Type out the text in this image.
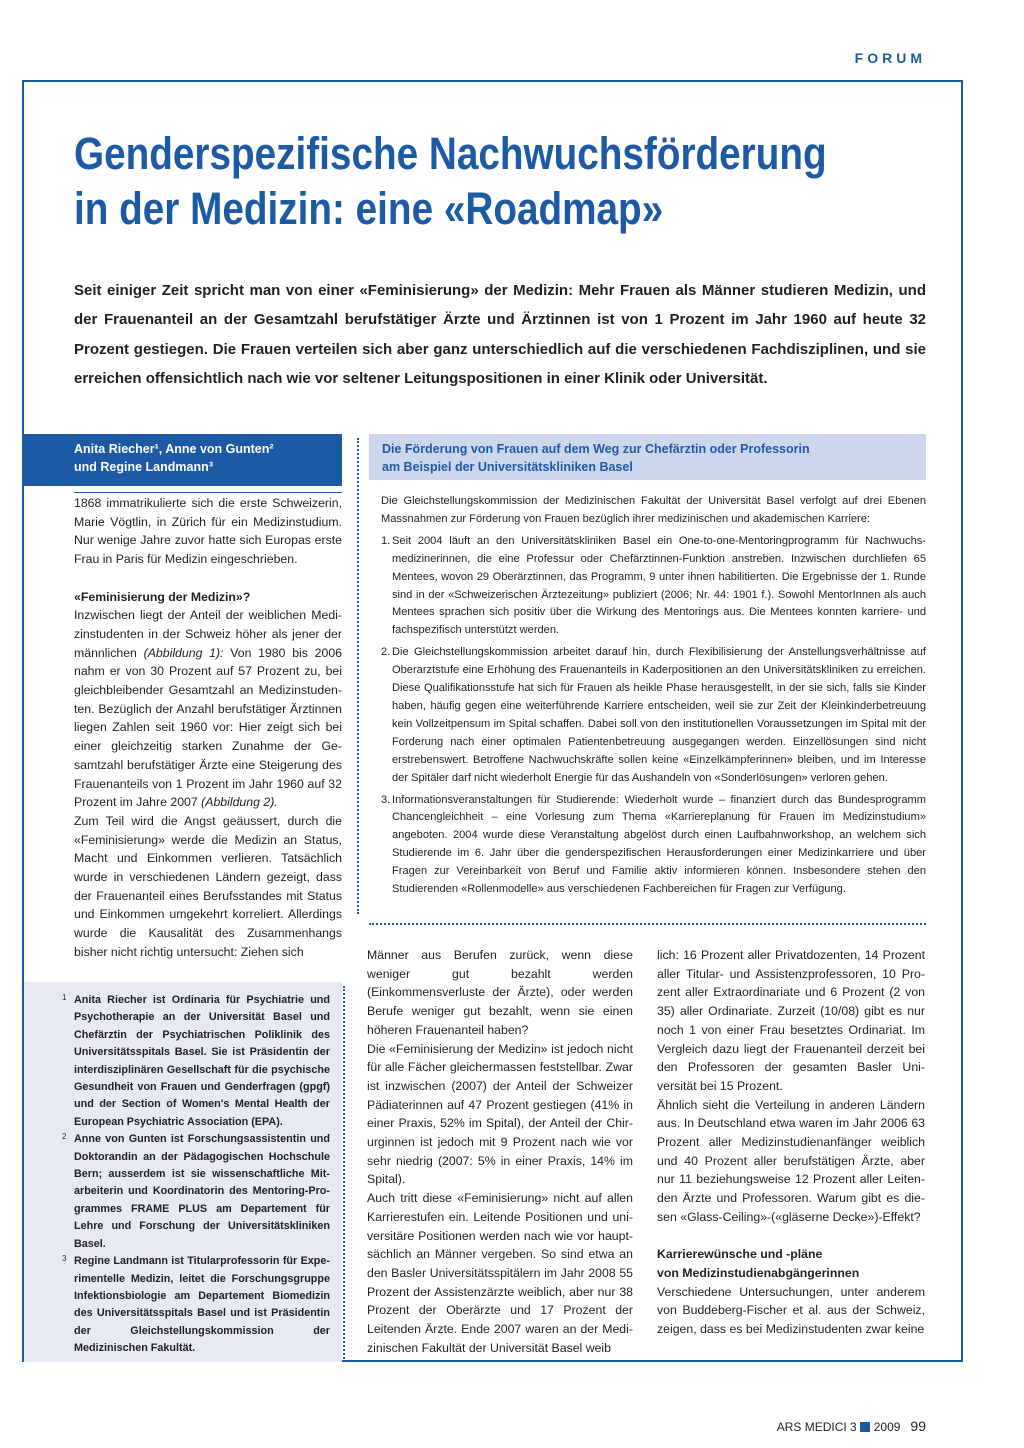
FORUM
Genderspezifische Nachwuchsförderung
in der Medizin: eine «Roadmap»

Seit einiger Zeit spricht man von einer «Feminisierung» der Medizin: Mehr Frauen als Männer studieren Medizin, und der Frauenanteil an der Gesamtzahl berufstätiger Ärzte und Ärztinnen ist von 1 Prozent im Jahr 1960 auf heute 32 Prozent gestiegen. Die Frauen verteilen sich aber ganz unterschiedlich auf die verschiedenen Fachdisziplinen, und sie erreichen offensichtlich nach wie vor seltener Leitungspositionen in einer Klinik oder Universität.

Anita Riecher¹, Anne von Gunten²
und Regine Landmann³
Die Förderung von Frauen auf dem Weg zur Chefärztin oder Professorin
am Beispiel der Universitätskliniken Basel

1868 immatrikulierte sich die erste Schweizerin, Marie Vögtlin, in Zürich für ein Medizinstudium. Nur wenige Jahre zuvor hatte sich Europas erste Frau in Paris für Medizin eingeschrieben.

«Feminisierung der Medizin»?

Inzwischen liegt der Anteil der weiblichen Medizinstudenten in der Schweiz höher als jener der männlichen (Abbildung 1): Von 1980 bis 2006 nahm er von 30 Prozent auf 57 Prozent zu, bei gleichbleibender Gesamtzahl an Medizinstudenten. Bezüglich der Anzahl berufstätiger Ärztinnen liegen Zahlen seit 1960 vor: Hier zeigt sich bei einer gleichzeitig starken Zunahme der Gesamtzahl berufstätiger Ärzte eine Steigerung des Frauenanteils von 1 Prozent im Jahr 1960 auf 32 Prozent im Jahre 2007 (Abbildung 2).

Zum Teil wird die Angst geäussert, durch die «Feminisierung» werde die Medizin an Status, Macht und Einkommen verlieren. Tatsächlich wurde in verschiedenen Ländern gezeigt, dass der Frauenanteil eines Berufsstandes mit Status und Einkommen umgekehrt korreliert. Allerdings wurde die Kausalität des Zusammenhangs bisher nicht richtig untersucht: Ziehen sich

Die Gleichstellungskommission der Medizinischen Fakultät der Universität Basel verfolgt auf drei Ebenen Massnahmen zur Förderung von Frauen bezüglich ihrer medizinischen und akademischen Karriere:

1. Seit 2004 läuft an den Universitätskliniken Basel ein One-to-one-Mentoringprogramm für Nachwuchsmedizinerinnen, die eine Professur oder Chefärztinnen-Funktion anstreben. Inzwischen durchliefen 65 Mentees, wovon 29 Oberärztinnen, das Programm, 9 unter ihnen habilitierten. Die Ergebnisse der 1. Runde sind in der «Schweizerischen Ärztezeitung» publiziert (2006; Nr. 44: 1901 f.). Sowohl MentorInnen als auch Mentees sprachen sich positiv über die Wirkung des Mentorings aus. Die Mentees konnten karriere- und fachspezifisch unterstützt werden.
2. Die Gleichstellungskommission arbeitet darauf hin, durch Flexibilisierung der Anstellungsverhältnisse auf Oberarztstufe eine Erhöhung des Frauenanteils in Kaderpositionen an den Universitätskliniken zu erreichen. Diese Qualifikationsstufe hat sich für Frauen als heikle Phase herausgestellt, in der sie sich, falls sie Kinder haben, häufig gegen eine weiterführende Karriere entscheiden, weil sie zur Zeit der Kleinkinderbetreuung kein Vollzeitpensum im Spital schaffen. Dabei soll von den institutionellen Voraussetzungen im Spital mit der Forderung nach einer optimalen Patientenbetreuung ausgegangen werden. Einzellösungen sind nicht erstrebenswert. Betroffene Nachwuchskräfte sollen keine «Einzelkämpferinnen» bleiben, und im Interesse der Spitäler darf nicht wiederholt Energie für das Aushandeln von «Sonderlösungen» verloren gehen.
3. Informationsveranstaltungen für Studierende: Wiederholt wurde – finanziert durch das Bundesprogramm Chancengleichheit – eine Vorlesung zum Thema «Karriereplanung für Frauen im Medizinstudium» angeboten. 2004 wurde diese Veranstaltung abgelöst durch einen Laufbahnworkshop, an welchem sich Studierende im 6. Jahr über die genderspezifischen Herausforderungen einer Medizinkarriere und über Fragen zur Vereinbarkeit von Beruf und Familie aktiv informieren können. Insbesondere stehen den Studierenden «Rollenmodelle» aus verschiedenen Fachbereichen für Fragen zur Verfügung.
1 Anita Riecher ist Ordinaria für Psychiatrie und Psychotherapie an der Universität Basel und Chefärztin der Psychiatrischen Poliklinik des Universitätsspitals Basel. Sie ist Präsidentin der interdisziplinären Gesellschaft für die psychische Gesundheit von Frauen und Genderfragen (gpgf) und der Section of Women's Mental Health der European Psychiatric Association (EPA).
2 Anne von Gunten ist Forschungsassistentin und Doktorandin an der Pädagogischen Hochschule Bern; ausserdem ist sie wissenschaftliche Mitarbeiterin und Koordinatorin des Mentoring-Programmes FRAME PLUS am Departement für Lehre und Forschung der Universitätskliniken Basel.
3 Regine Landmann ist Titularprofessorin für Experimentelle Medizin, leitet die Forschungsgruppe Infektionsbiologie am Departement Biomedizin des Universitätsspitals Basel und ist Präsidentin der Gleichstellungskommission der Medizinischen Fakultät.

Männer aus Berufen zurück, wenn diese weniger gut bezahlt werden (Einkommensverluste der Ärzte), oder werden Berufe weniger gut bezahlt, wenn sie einen höheren Frauenanteil haben?

Die «Feminisierung der Medizin» ist jedoch nicht für alle Fächer gleichermassen feststellbar. Zwar ist inzwischen (2007) der Anteil der Schweizer Pädiaterinnen auf 47 Prozent gestiegen (41% in einer Praxis, 52% im Spital), der Anteil der Chirurginnen ist jedoch mit 9 Prozent nach wie vor sehr niedrig (2007: 5% in einer Praxis, 14% im Spital).

Auch tritt diese «Feminisierung» nicht auf allen Karrierestufen ein. Leitende Positionen und universitäre Positionen werden nach wie vor hauptsächlich an Männer vergeben. So sind etwa an den Basler Universitätsspitälern im Jahr 2008 55 Prozent der Assistenzärzte weiblich, aber nur 38 Prozent der Oberärzte und 17 Prozent der Leitenden Ärzte. Ende 2007 waren an der Medizinischen Fakultät der Universität Basel weib

lich: 16 Prozent aller Privatdozenten, 14 Prozent aller Titular- und Assistenzprofessoren, 10 Prozent aller Extraordinariate und 6 Prozent (2 von 35) aller Ordinariate. Zurzeit (10/08) gibt es nur noch 1 von einer Frau besetztes Ordinariat. Im Vergleich dazu liegt der Frauenanteil derzeit bei den Professoren der gesamten Basler Universität bei 15 Prozent.

Ähnlich sieht die Verteilung in anderen Ländern aus. In Deutschland etwa waren im Jahr 2006 63 Prozent aller Medizinstudienanfänger weiblich und 40 Prozent aller berufstätigen Ärzte, aber nur 11 beziehungsweise 12 Prozent aller Leitenden Ärzte und Professoren. Warum gibt es diesen «Glass-Ceiling»-(«gläserne Decke»)-Effekt?

Karrierewünsche und -pläne
von Medizinstudienabgängerinnen

Verschiedene Untersuchungen, unter anderem von Buddeberg-Fischer et al. aus der Schweiz, zeigen, dass es bei Medizinstudenten zwar keine

ARS MEDICI 3 2009 99
